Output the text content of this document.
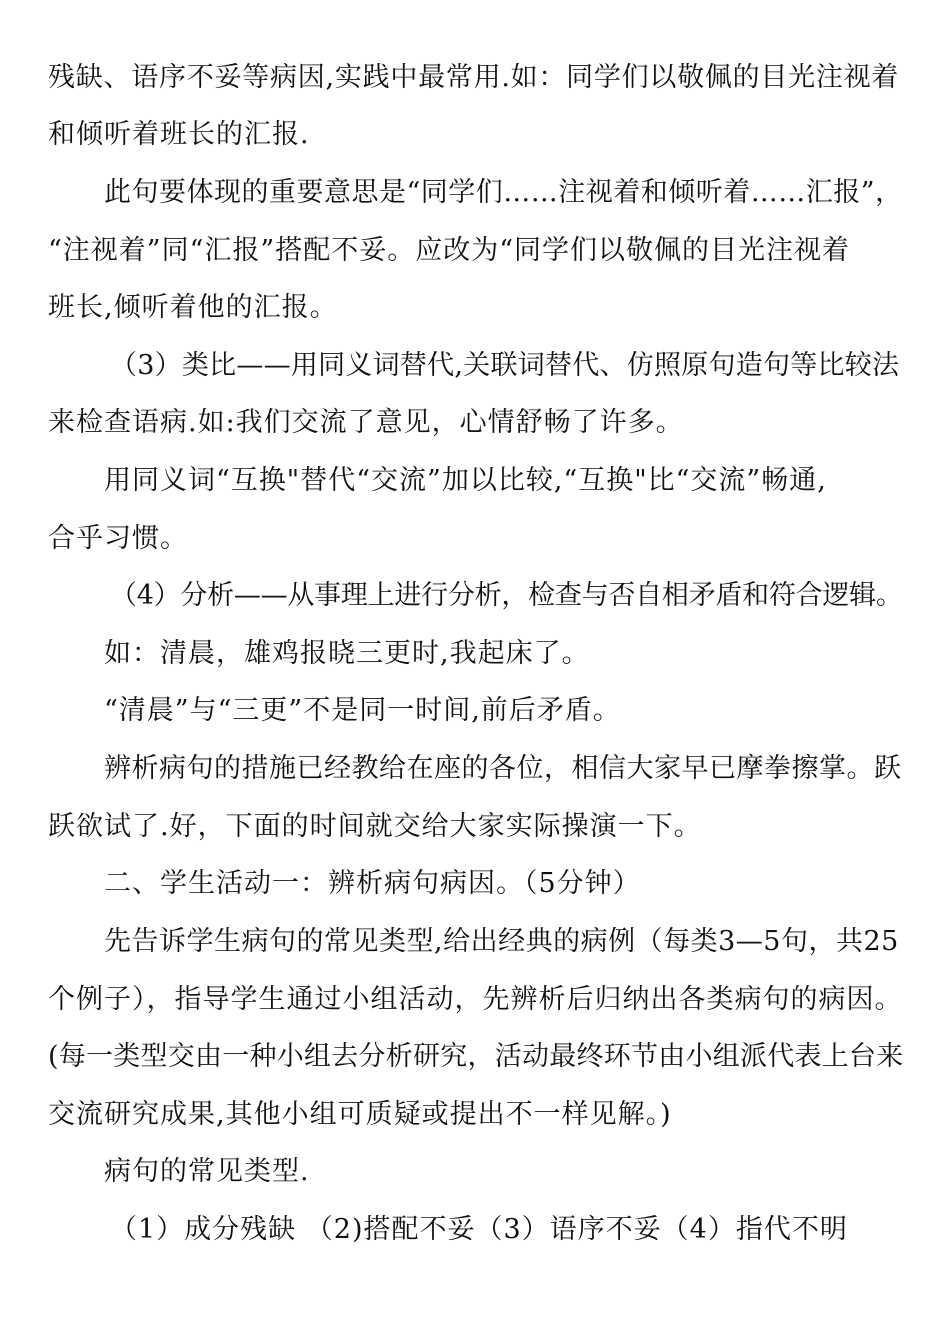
残缺、语序不妥等病因,实践中最常用.如：同学们以敬佩的目光注视着
和倾听着班长的汇报.
此句要体现的重要意思是“同学们……注视着和倾听着……汇报”，
“注视着”同“汇报”搭配不妥。应改为“同学们以敬佩的目光注视着
班长,倾听着他的汇报。
（3）类比——用同义词替代,关联词替代、仿照原句造句等比较法
来检查语病.如:我们交流了意见，心情舒畅了许多。
用同义词“互换"替代“交流”加以比较,“互换"比“交流”畅通,
合乎习惯。
（4）分析——从事理上进行分析，检查与否自相矛盾和符合逻辑。
如：清晨，雄鸡报晓三更时,我起床了。
“清晨”与“三更”不是同一时间,前后矛盾。
辨析病句的措施已经教给在座的各位，相信大家早已摩拳擦掌。跃
跃欲试了.好，下面的时间就交给大家实际操演一下。
二、学生活动一：辨析病句病因。（5分钟）
先告诉学生病句的常见类型,给出经典的病例（每类3—5句，共25
个例子），指导学生通过小组活动，先辨析后归纳出各类病句的病因。
(每一类型交由一种小组去分析研究，活动最终环节由小组派代表上台来
交流研究成果,其他小组可质疑或提出不一样见解。)
病句的常见类型.
（1）成分残缺 （2)搭配不妥（3）语序不妥（4）指代不明
